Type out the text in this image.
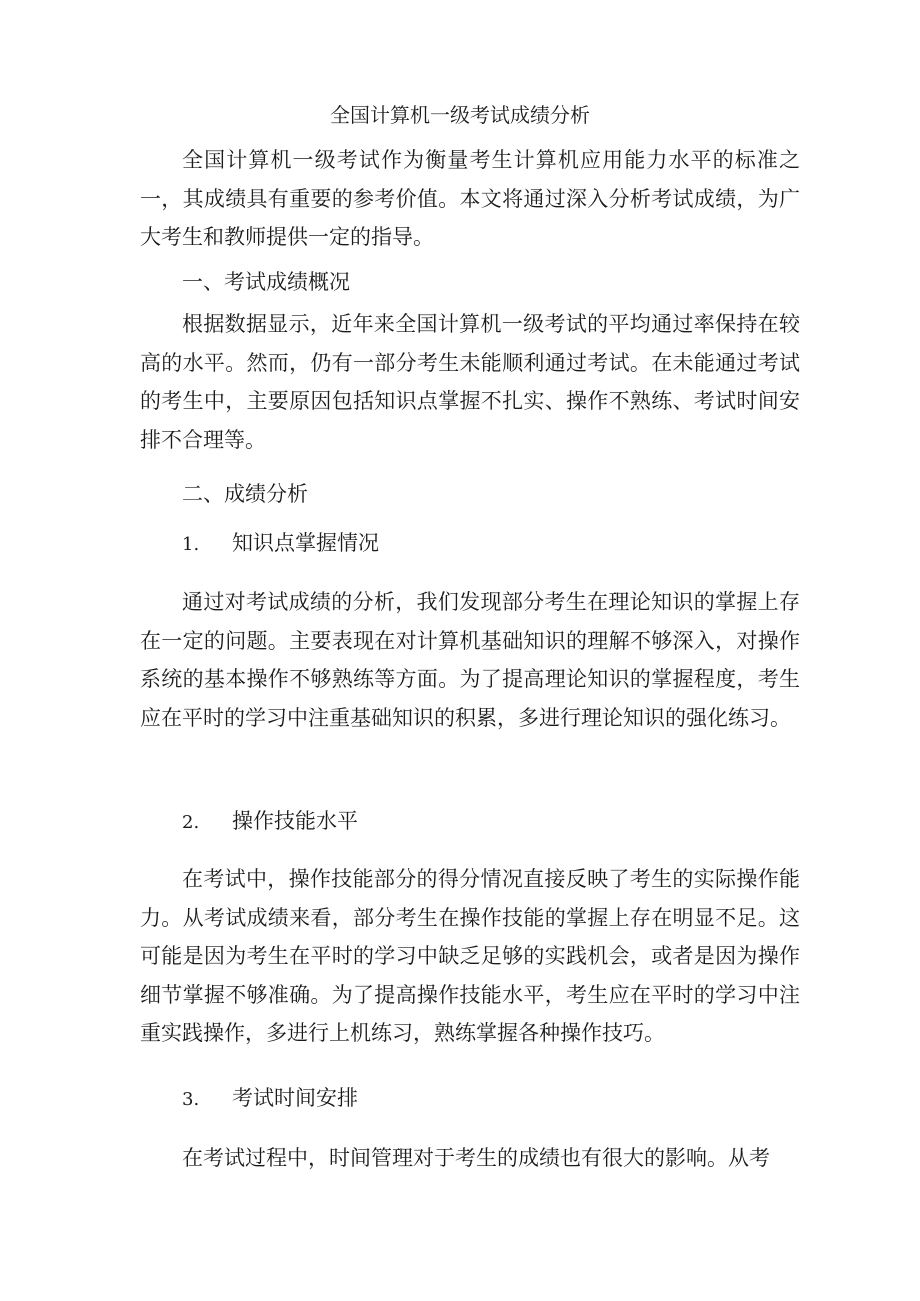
全国计算机一级考试成绩分析

全国计算机一级考试作为衡量考生计算机应用能力水平的标准之一，其成绩具有重要的参考价值。本文将通过深入分析考试成绩，为广大考生和教师提供一定的指导。

一、考试成绩概况

根据数据显示，近年来全国计算机一级考试的平均通过率保持在较高的水平。然而，仍有一部分考生未能顺利通过考试。在未能通过考试的考生中，主要原因包括知识点掌握不扎实、操作不熟练、考试时间安排不合理等。

二、成绩分析

1. 知识点掌握情况

通过对考试成绩的分析，我们发现部分考生在理论知识的掌握上存在一定的问题。主要表现在对计算机基础知识的理解不够深入，对操作系统的基本操作不够熟练等方面。为了提高理论知识的掌握程度，考生应在平时的学习中注重基础知识的积累，多进行理论知识的强化练习。

2. 操作技能水平

在考试中，操作技能部分的得分情况直接反映了考生的实际操作能力。从考试成绩来看，部分考生在操作技能的掌握上存在明显不足。这可能是因为考生在平时的学习中缺乏足够的实践机会，或者是因为操作细节掌握不够准确。为了提高操作技能水平，考生应在平时的学习中注重实践操作，多进行上机练习，熟练掌握各种操作技巧。

3. 考试时间安排

在考试过程中，时间管理对于考生的成绩也有很大的影响。从考
